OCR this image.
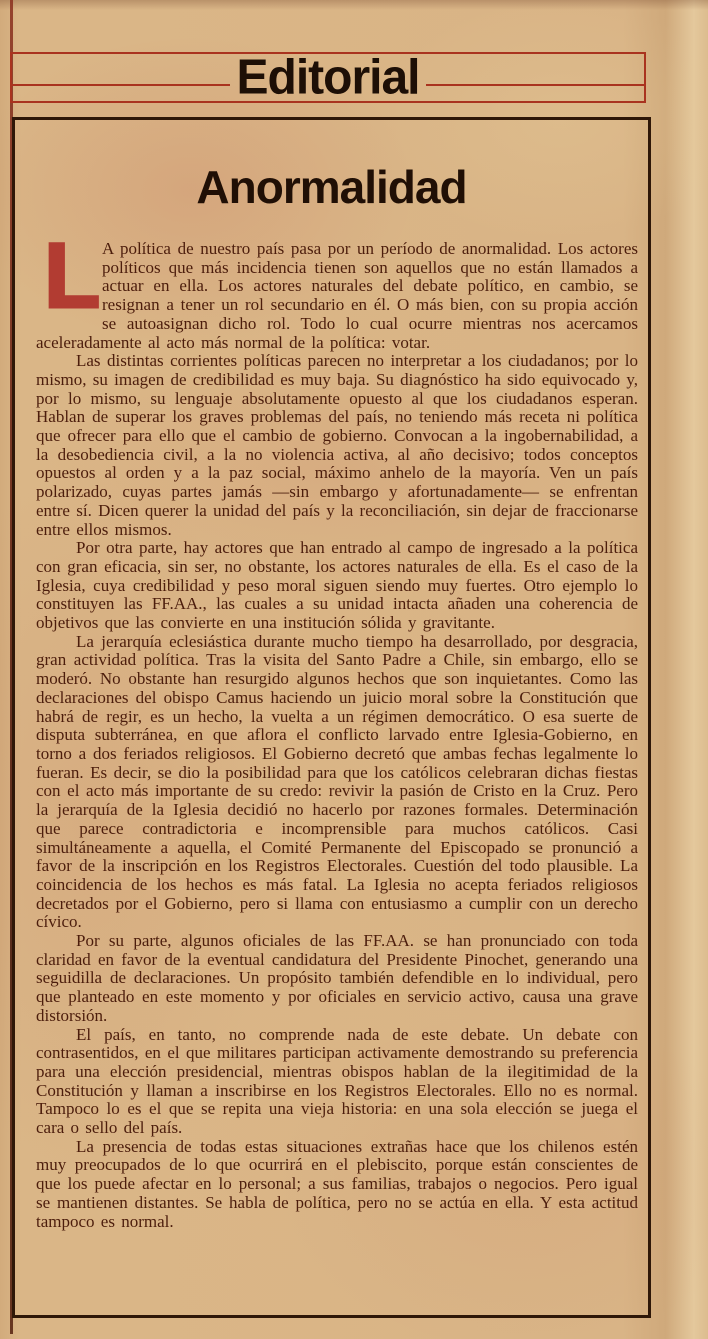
Editorial
Anormalidad

L A política de nuestro país pasa por un período de anormalidad. Los actores políticos que más incidencia tienen son aquellos que no están llamados a actuar en ella. Los actores naturales del debate político, en cambio, se resignan a tener un rol secundario en él. O más bien, con su propia acción se autoasignan dicho rol. Todo lo cual ocurre mientras nos acercamos aceleradamente al acto más normal de la política: votar.

Las distintas corrientes políticas parecen no interpretar a los ciudadanos; por lo mismo, su imagen de credibilidad es muy baja. Su diagnóstico ha sido equivocado y, por lo mismo, su lenguaje absolutamente opuesto al que los ciudadanos esperan. Hablan de superar los graves problemas del país, no teniendo más receta ni política que ofrecer para ello que el cambio de gobierno. Convocan a la ingobernabilidad, a la desobediencia civil, a la no violencia activa, al año decisivo; todos conceptos opuestos al orden y a la paz social, máximo anhelo de la mayoría. Ven un país polarizado, cuyas partes jamás —sin embargo y afortunadamente— se enfrentan entre sí. Dicen querer la unidad del país y la reconciliación, sin dejar de fraccionarse entre ellos mismos.

Por otra parte, hay actores que han entrado al campo de ingresado a la política con gran eficacia, sin ser, no obstante, los actores naturales de ella. Es el caso de la Iglesia, cuya credibilidad y peso moral siguen siendo muy fuertes. Otro ejemplo lo constituyen las FF.AA., las cuales a su unidad intacta añaden una coherencia de objetivos que las convierte en una institución sólida y gravitante.

La jerarquía eclesiástica durante mucho tiempo ha desarrollado, por desgracia, gran actividad política. Tras la visita del Santo Padre a Chile, sin embargo, ello se moderó. No obstante han resurgido algunos hechos que son inquietantes. Como las declaraciones del obispo Camus haciendo un juicio moral sobre la Constitución que habrá de regir, es un hecho, la vuelta a un régimen democrático. O esa suerte de disputa subterránea, en que aflora el conflicto larvado entre Iglesia-Gobierno, en torno a dos feriados religiosos. El Gobierno decretó que ambas fechas legalmente lo fueran. Es decir, se dio la posibilidad para que los católicos celebraran dichas fiestas con el acto más importante de su credo: revivir la pasión de Cristo en la Cruz. Pero la jerarquía de la Iglesia decidió no hacerlo por razones formales. Determinación que parece contradictoria e incomprensible para muchos católicos. Casi simultáneamente a aquella, el Comité Permanente del Episcopado se pronunció a favor de la inscripción en los Registros Electorales. Cuestión del todo plausible. La coincidencia de los hechos es más fatal. La Iglesia no acepta feriados religiosos decretados por el Gobierno, pero si llama con entusiasmo a cumplir con un derecho cívico.

Por su parte, algunos oficiales de las FF.AA. se han pronunciado con toda claridad en favor de la eventual candidatura del Presidente Pinochet, generando una seguidilla de declaraciones. Un propósito también defendible en lo individual, pero que planteado en este momento y por oficiales en servicio activo, causa una grave distorsión.

El país, en tanto, no comprende nada de este debate. Un debate con contrasentidos, en el que militares participan activamente demostrando su preferencia para una elección presidencial, mientras obispos hablan de la ilegitimidad de la Constitución y llaman a inscribirse en los Registros Electorales. Ello no es normal. Tampoco lo es el que se repita una vieja historia: en una sola elección se juega el cara o sello del país.

La presencia de todas estas situaciones extrañas hace que los chilenos estén muy preocupados de lo que ocurrirá en el plebiscito, porque están conscientes de que los puede afectar en lo personal; a sus familias, trabajos o negocios. Pero igual se mantienen distantes. Se habla de política, pero no se actúa en ella. Y esta actitud tampoco es normal.
